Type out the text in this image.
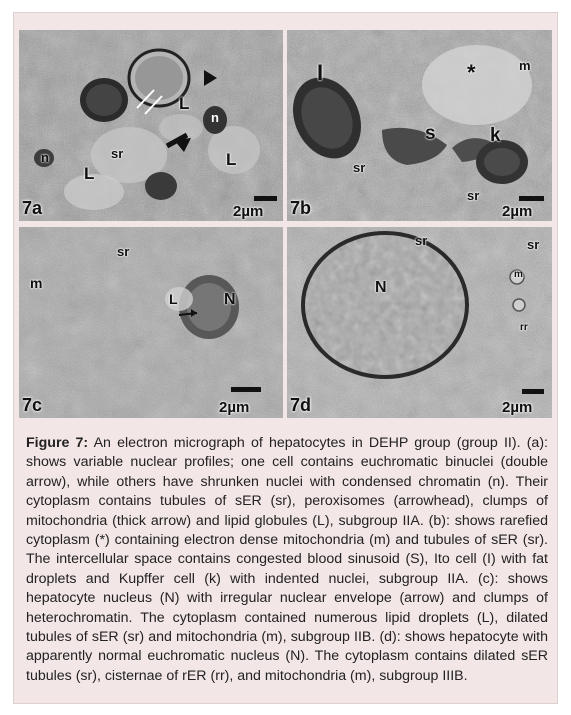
n
n
sr
L
L
L
7a	2µm
I	*	m
s	k
sr
sr
7b	2µm
sr
m
L	N
7c	2µm
sr	sr
N
m
rr
7d	2µm
Figure 7: An electron micrograph of hepatocytes in DEHP group (group II). (a): shows variable nuclear profiles; one cell contains euchromatic binuclei (double arrow), while others have shrunken nuclei with condensed chromatin (n). Their cytoplasm contains tubules of sER (sr), peroxisomes (arrowhead), clumps of mitochondria (thick arrow) and lipid globules (L), subgroup IIA. (b): shows rarefied cytoplasm (*) containing electron dense mitochondria (m) and tubules of sER (sr). The intercellular space contains congested blood sinusoid (S), Ito cell (I) with fat droplets and Kupffer cell (k) with indented nuclei, subgroup IIA. (c): shows hepatocyte nucleus (N) with irregular nuclear envelope (arrow) and clumps of heterochromatin. The cytoplasm contained numerous lipid droplets (L), dilated tubules of sER (sr) and mitochondria (m), subgroup IIB. (d): shows hepatocyte with apparently normal euchromatic nucleus (N). The cytoplasm contains dilated sER tubules (sr), cisternae of rER (rr), and mitochondria (m), subgroup IIIB.
